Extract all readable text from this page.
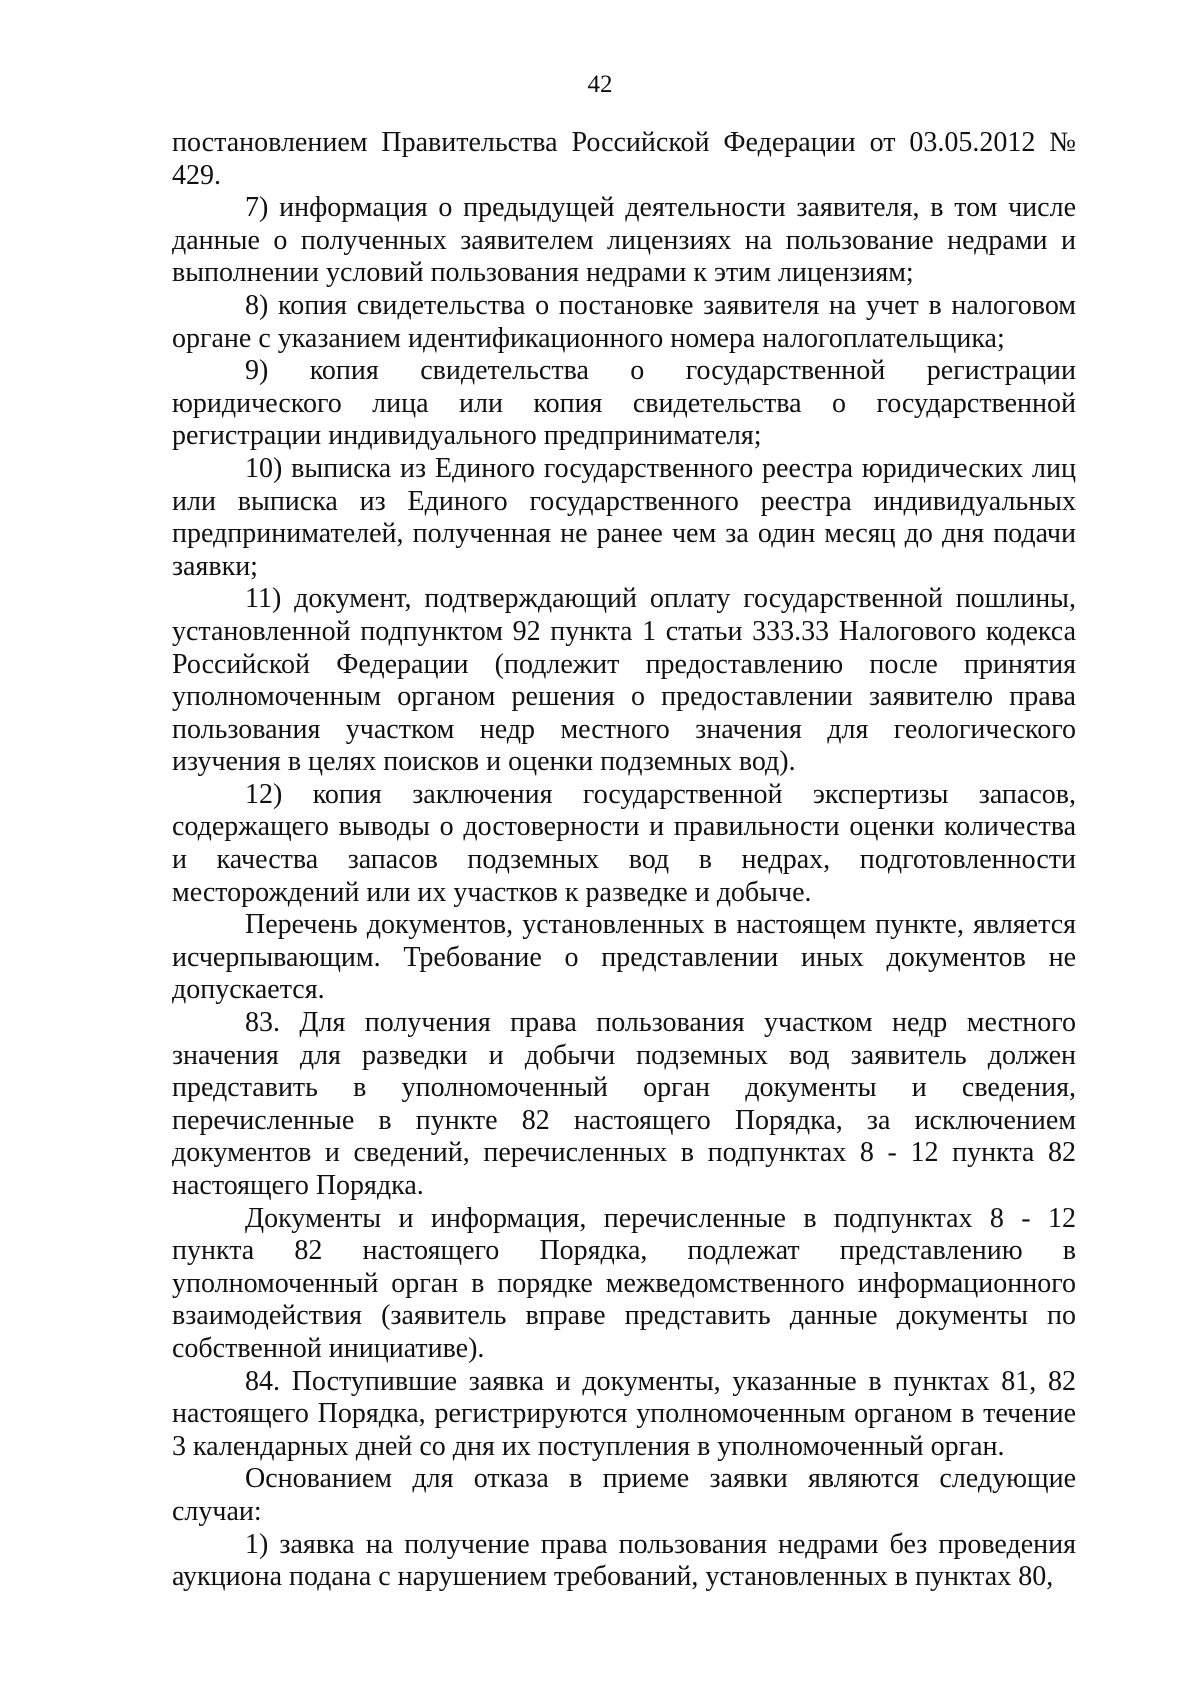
42

постановлением Правительства Российской Федерации от 03.05.2012 № 429.

7) информация о предыдущей деятельности заявителя, в том числе данные о полученных заявителем лицензиях на пользование недрами и выполнении условий пользования недрами к этим лицензиям;

8) копия свидетельства о постановке заявителя на учет в налоговом органе с указанием идентификационного номера налогоплательщика;

9) копия свидетельства о государственной регистрации юридического лица или копия свидетельства о государственной регистрации индивидуального предпринимателя;

10) выписка из Единого государственного реестра юридических лиц или выписка из Единого государственного реестра индивидуальных предпринимателей, полученная не ранее чем за один месяц до дня подачи заявки;

11) документ, подтверждающий оплату государственной пошлины, установленной подпунктом 92 пункта 1 статьи 333.33 Налогового кодекса Российской Федерации (подлежит предоставлению после принятия уполномоченным органом решения о предоставлении заявителю права пользования участком недр местного значения для геологического изучения в целях поисков и оценки подземных вод).

12) копия заключения государственной экспертизы запасов, содержащего выводы о достоверности и правильности оценки количества и качества запасов подземных вод в недрах, подготовленности месторождений или их участков к разведке и добыче.

Перечень документов, установленных в настоящем пункте, является исчерпывающим. Требование о представлении иных документов не допускается.

83. Для получения права пользования участком недр местного значения для разведки и добычи подземных вод заявитель должен представить в уполномоченный орган документы и сведения, перечисленные в пункте 82 настоящего Порядка, за исключением документов и сведений, перечисленных в подпунктах 8 - 12 пункта 82 настоящего Порядка.

Документы и информация, перечисленные в подпунктах 8 - 12 пункта 82 настоящего Порядка, подлежат представлению в уполномоченный орган в порядке межведомственного информационного взаимодействия (заявитель вправе представить данные документы по собственной инициативе).

84. Поступившие заявка и документы, указанные в пунктах 81, 82 настоящего Порядка, регистрируются уполномоченным органом в течение 3 календарных дней со дня их поступления в уполномоченный орган.

Основанием для отказа в приеме заявки являются следующие случаи:

1) заявка на получение права пользования недрами без проведения аукциона подана с нарушением требований, установленных в пунктах 80,
